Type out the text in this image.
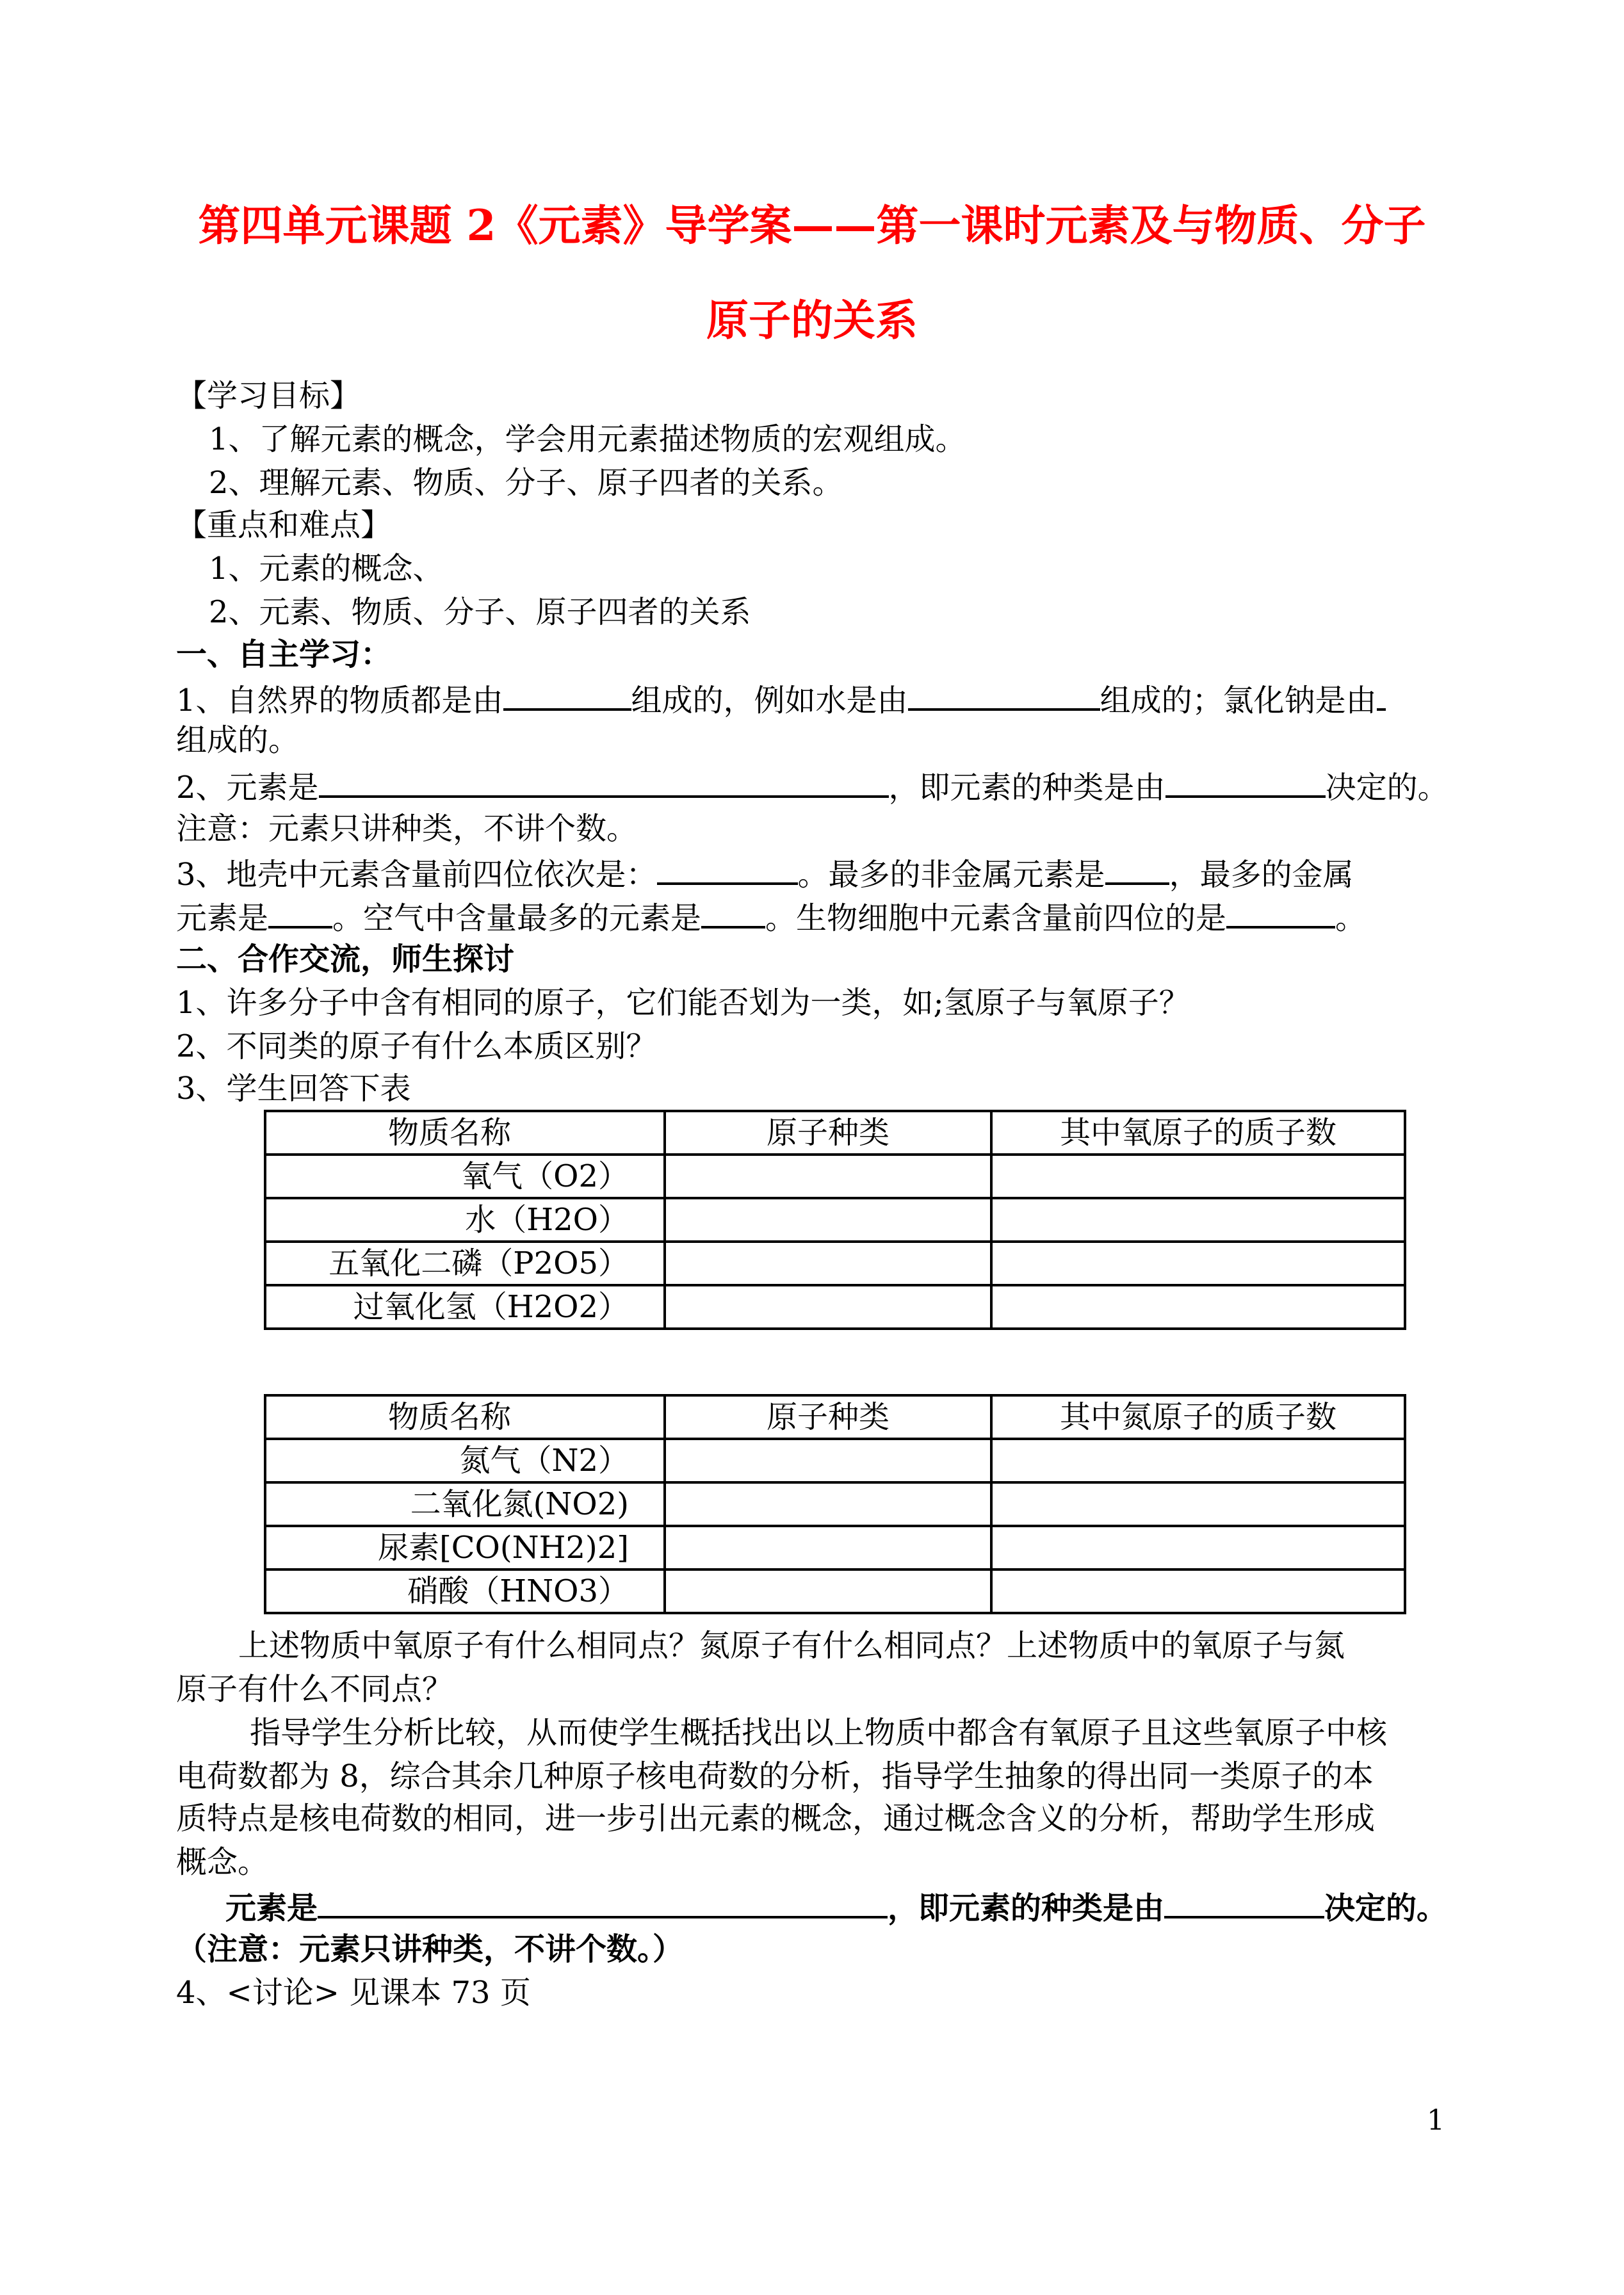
第四单元课题 2《元素》导学案——第一课时元素及与物质、分子
原子的关系
【学习目标】
1、了解元素的概念，学会用元素描述物质的宏观组成。
2、理解元素、物质、分子、原子四者的关系。
【重点和难点】
1、元素的概念、
2、元素、物质、分子、原子四者的关系
一、自主学习：
1、自然界的物质都是由	组成的，例如水是由	组成的；氯化钠是由
组成的。
2、元素是	，即元素的种类是由	决定的。
注意：元素只讲种类，不讲个数。
3、地壳中元素含量前四位依次是：	。最多的非金属元素是 ，最多的金属
元素是 。空气中含量最多的元素是 。生物细胞中元素含量前四位的是	。
二、合作交流，师生探讨
1、许多分子中含有相同的原子，它们能否划为一类，如;氢原子与氧原子？
2、不同类的原子有什么本质区别？
3、学生回答下表
物质名称	原子种类	其中氧原子的质子数
氧气（O2）		
水（H2O）		
五氧化二磷（P2O5）		
过氧化氢（H2O2）		
物质名称	原子种类	其中氮原子的质子数
氮气（N2）		
二氧化氮(NO2)		
尿素[CO(NH2)2]		
硝酸（HNO3）		
上述物质中氧原子有什么相同点？氮原子有什么相同点？上述物质中的氧原子与氮
原子有什么不同点？
指导学生分析比较，从而使学生概括找出以上物质中都含有氧原子且这些氧原子中核
电荷数都为 8，综合其余几种原子核电荷数的分析，指导学生抽象的得出同一类原子的本
质特点是核电荷数的相同，进一步引出元素的概念，通过概念含义的分析，帮助学生形成
概念。
元素是	，即元素的种类是由	决定的。
（注意：元素只讲种类，不讲个数。）
4、<讨论> 见课本 73 页
1
